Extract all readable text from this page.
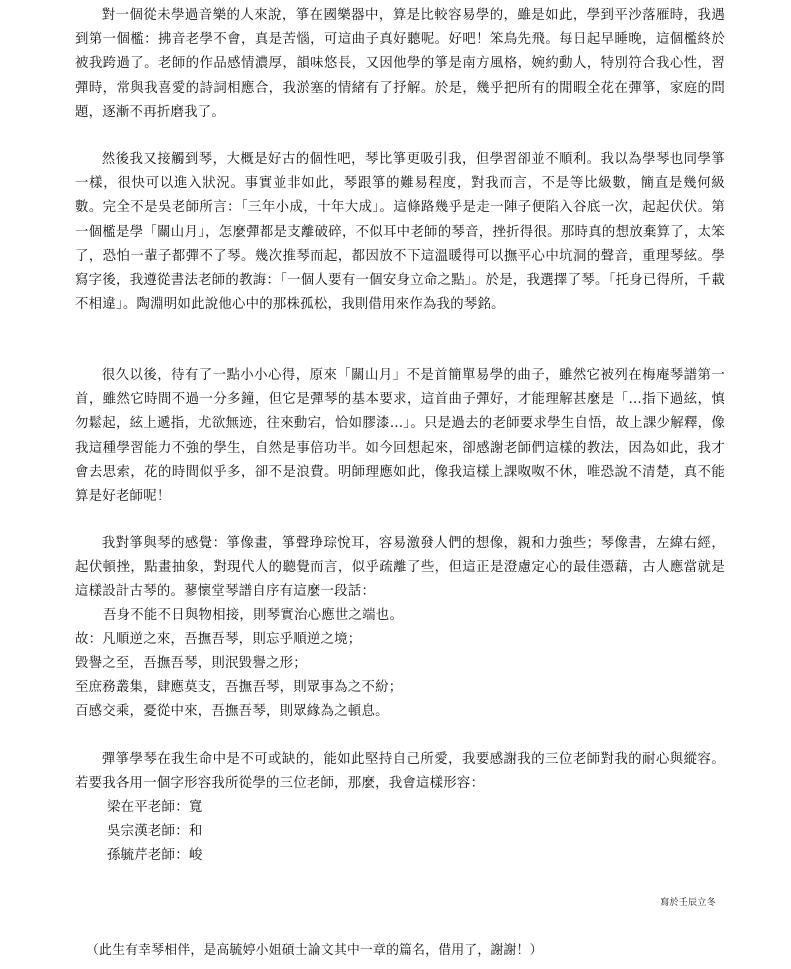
對一個從未學過音樂的人來說，箏在國樂器中，算是比較容易學的，雖是如此，學到平沙落雁時，我遇到第一個檻：拂音老學不會，真是苦惱，可這曲子真好聽呢。好吧！笨鳥先飛。每日起早睡晚，這個檻終於被我跨過了。老師的作品感情濃厚，韻味悠長，又因他學的箏是南方風格，婉約動人，特別符合我心性，習彈時，常與我喜愛的詩詞相應合，我淤塞的情緒有了抒解。於是，幾乎把所有的閒暇全花在彈箏，家庭的問題，逐漸不再折磨我了。

然後我又接觸到琴，大概是好古的個性吧，琴比箏更吸引我，但學習卻並不順利。我以為學琴也同學箏一樣，很快可以進入狀況。事實並非如此，琴跟箏的難易程度，對我而言，不是等比級數，簡直是幾何級數。完全不是吳老師所言：「三年小成，十年大成」。這條路幾乎是走一陣子便陷入谷底一次，起起伏伏。第一個檻是學「關山月」，怎麼彈都是支離破碎，不似耳中老師的琴音，挫折得很。那時真的想放棄算了，太笨了，恐怕一輩子都彈不了琴。幾次推琴而起，都因放不下這溫暖得可以撫平心中坑洞的聲音，重理琴絃。學寫字後，我遵從書法老師的教誨：「一個人要有一個安身立命之點」。於是，我選擇了琴。「托身已得所，千載不相違」。陶淵明如此說他心中的那株孤松，我則借用來作為我的琴銘。

很久以後，待有了一點小小心得，原來「關山月」不是首簡單易學的曲子，雖然它被列在梅庵琴譜第一首，雖然它時間不過一分多鐘，但它是彈琴的基本要求，這首曲子彈好，才能理解甚麼是「…指下過絃，慎勿鬆起，絃上遞指，尤欲無迹，往來動宕，恰如膠漆…」。只是過去的老師要求學生自悟，故上課少解釋，像我這種學習能力不強的學生，自然是事倍功半。如今回想起來，卻感謝老師們這樣的教法，因為如此，我才會去思索，花的時間似乎多，卻不是浪費。明師理應如此，像我這樣上課呶呶不休，唯恐說不清楚，真不能算是好老師呢！

我對箏與琴的感覺：箏像畫，箏聲琤琮悅耳，容易激發人們的想像，親和力強些；琴像書，左緯右經，起伏頓挫，點畫抽象，對現代人的聽覺而言，似乎疏離了些，但這正是澄慮定心的最佳憑藉，古人應當就是這樣設計古琴的。蓼懷堂琴譜自序有這麼一段話：

吾身不能不日與物相接，則琴實治心應世之端也。

故：凡順逆之來，吾撫吾琴，則忘乎順逆之境；

毀譽之至，吾撫吾琴，則泯毀譽之形；

至庶務叢集，肆應莫支，吾撫吾琴，則眾事為之不紛；

百感交乘，憂從中來，吾撫吾琴，則眾緣為之頓息。

彈箏學琴在我生命中是不可或缺的，能如此堅持自己所愛，我要感謝我的三位老師對我的耐心與縱容。若要我各用一個字形容我所從學的三位老師，那麼，我會這樣形容：

梁在平老師：寬
吳宗漢老師：和
孫毓芹老師：峻
寫於壬辰立冬
（此生有幸琴相伴，是高毓婷小姐碩士論文其中一章的篇名，借用了，謝謝！）
